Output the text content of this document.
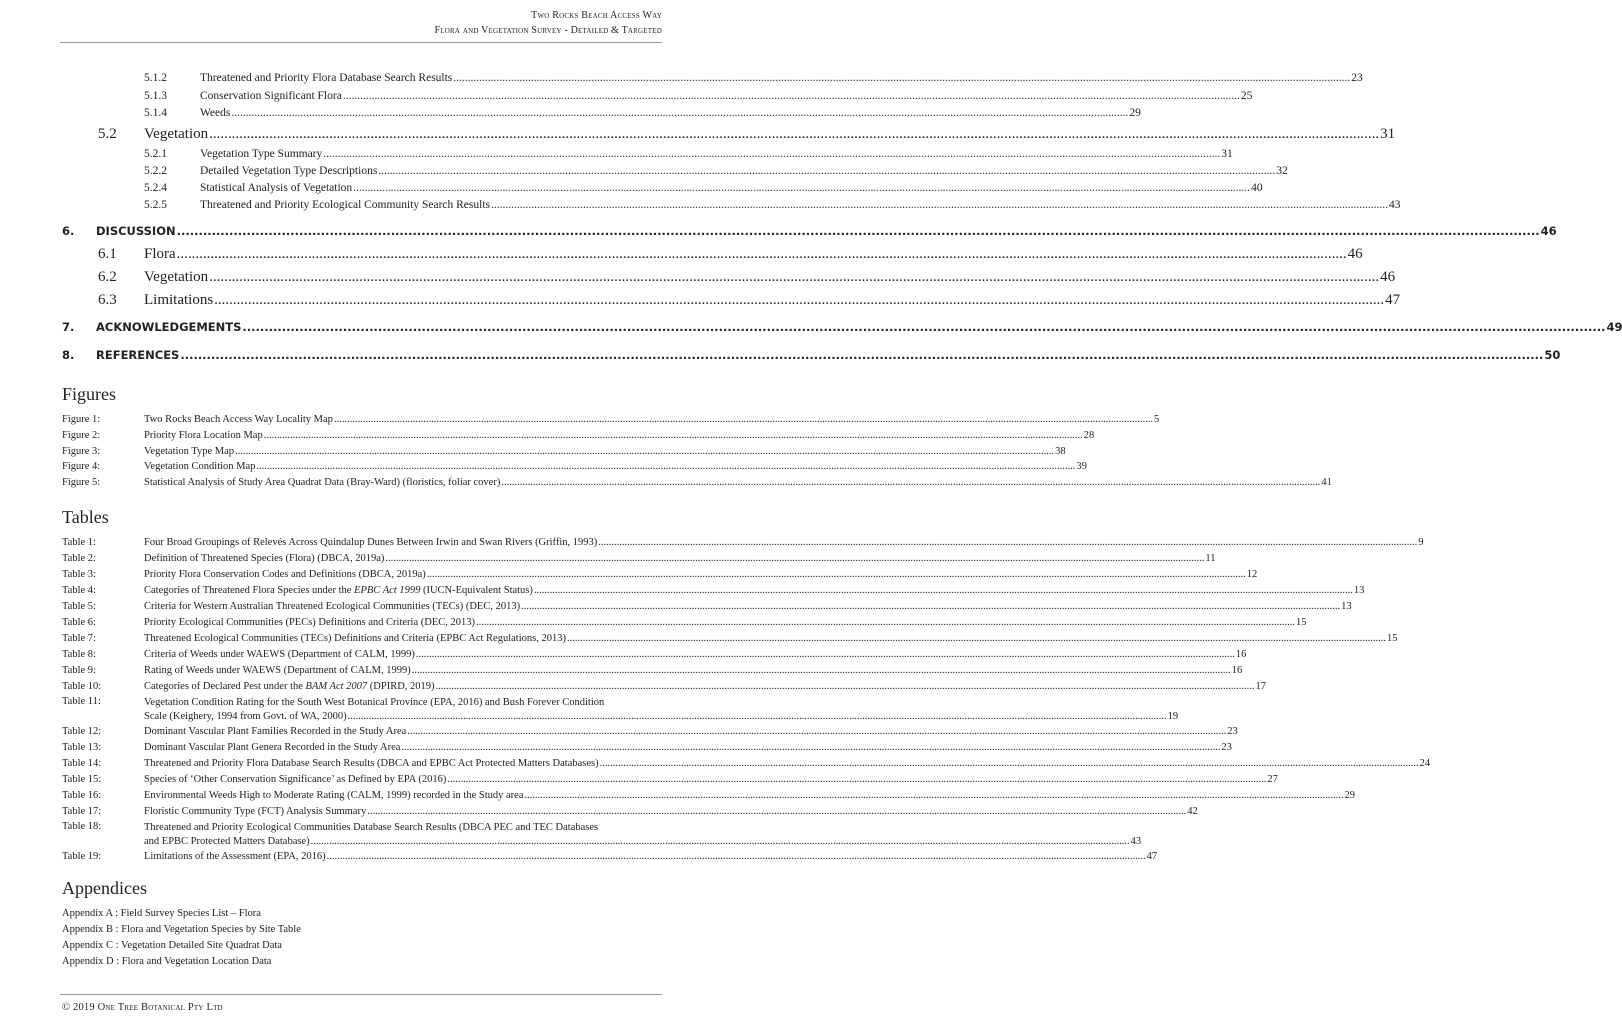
Two Rocks Beach Access Way
Flora and Vegetation Survey - Detailed & Targeted
5.1.2	Threatened and Priority Flora Database Search Results .....	23
5.1.3	Conservation Significant Flora .....	25
5.1.4	Weeds .....	29
5.2	Vegetation .....	31
5.2.1	Vegetation Type Summary .....	31
5.2.2	Detailed Vegetation Type Descriptions .....	32
5.2.4	Statistical Analysis of Vegetation .....	40
5.2.5	Threatened and Priority Ecological Community Search Results .....	43
6.	DISCUSSION .....	46
6.1	Flora .....	46
6.2	Vegetation .....	46
6.3	Limitations .....	47
7.	ACKNOWLEDGEMENTS .....	49
8.	REFERENCES .....	50
Figures
Figure 1:	Two Rocks Beach Access Way Locality Map .....	5
Figure 2:	Priority Flora Location Map .....	28
Figure 3:	Vegetation Type Map .....	38
Figure 4:	Vegetation Condition Map .....	39
Figure 5:	Statistical Analysis of Study Area Quadrat Data (Bray-Ward) (floristics, foliar cover) .....	41
Tables
Table 1:	Four Broad Groupings of Relevés Across Quindalup Dunes Between Irwin and Swan Rivers (Griffin, 1993) .....	9
Table 2:	Definition of Threatened Species (Flora) (DBCA, 2019a) .....	11
Table 3:	Priority Flora Conservation Codes and Definitions (DBCA, 2019a) .....	12
Table 4:	Categories of Threatened Flora Species under the EPBC Act 1999 (IUCN-Equivalent Status) .....	13
Table 5:	Criteria for Western Australian Threatened Ecological Communities (TECs) (DEC, 2013) .....	13
Table 6:	Priority Ecological Communities (PECs) Definitions and Criteria (DEC, 2013) .....	15
Table 7:	Threatened Ecological Communities (TECs) Definitions and Criteria (EPBC Act Regulations, 2013) .....	15
Table 8:	Criteria of Weeds under WAEWS (Department of CALM, 1999) .....	16
Table 9:	Rating of Weeds under WAEWS (Department of CALM, 1999) .....	16
Table 10:	Categories of Declared Pest under the BAM Act 2007 (DPIRD, 2019) .....	17
Table 11:	Vegetation Condition Rating for the South West Botanical Province (EPA, 2016) and Bush Forever Condition
Scale (Keighery, 1994 from Govt. of WA, 2000) .....	19
Table 12:	Dominant Vascular Plant Families Recorded in the Study Area .....	23
Table 13:	Dominant Vascular Plant Genera Recorded in the Study Area .....	23
Table 14:	Threatened and Priority Flora Database Search Results (DBCA and EPBC Act Protected Matters Databases) .....	24
Table 15:	Species of ‘Other Conservation Significance’ as Defined by EPA (2016) .....	27
Table 16:	Environmental Weeds High to Moderate Rating (CALM, 1999) recorded in the Study area .....	29
Table 17:	Floristic Community Type (FCT) Analysis Summary .....	42
Table 18:	Threatened and Priority Ecological Communities Database Search Results (DBCA PEC and TEC Databases
and EPBC Protected Matters Database) .....	43
Table 19:	Limitations of the Assessment (EPA, 2016) .....	47
Appendices
Appendix A : Field Survey Species List – Flora
Appendix B : Flora and Vegetation Species by Site Table
Appendix C : Vegetation Detailed Site Quadrat Data
Appendix D : Flora and Vegetation Location Data
© 2019 One Tree Botanical Pty Ltd
